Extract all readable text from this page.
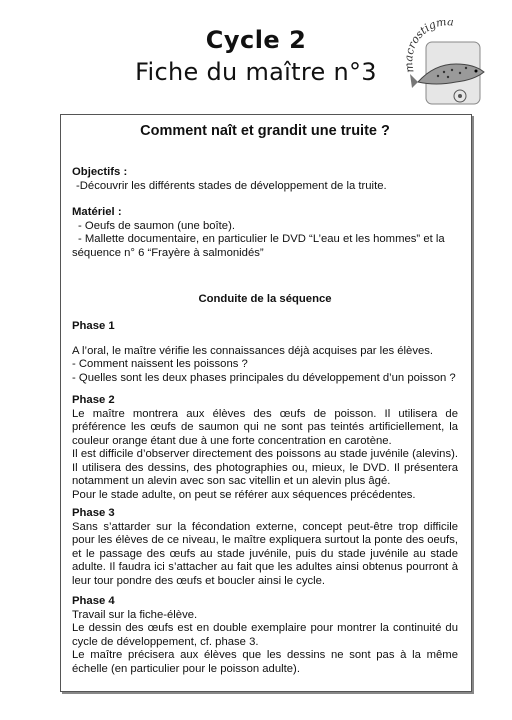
Cycle 2
Fiche du maître n°3
crostigma
Comment naît et grandit une truite ?

Objectifs :

-Découvrir les différents stades de développement de la truite.

Matériel :

- Oeufs de saumon (une boîte).

- Mallette documentaire, en particulier le DVD “L’eau et les hommes” et la

séquence n° 6 “Frayère à salmonidés”

Conduite de la séquence

Phase 1

A l’oral, le maître vérifie les connaissances déjà acquises par les élèves.

- Comment naissent les poissons ?

- Quelles sont les deux phases principales du développement d’un poisson ?

Phase 2

Le maître montrera aux élèves des œufs de poisson. Il utilisera de préférence les œufs de saumon qui ne sont pas teintés artificiellement, la couleur orange étant due à une forte concentration en carotène.

Il est difficile d’observer directement des poissons au stade juvénile (alevins). Il utilisera des dessins, des photographies ou, mieux, le DVD. Il présentera notamment un alevin avec son sac vitellin et un alevin plus âgé.

Pour le stade adulte, on peut se référer aux séquences précédentes.

Phase 3

Sans s’attarder sur la fécondation externe, concept peut-être trop difficile pour les élèves de ce niveau, le maître expliquera surtout la ponte des oeufs, et le passage des œufs au stade juvénile, puis du stade juvénile au stade adulte. Il faudra ici s’attacher au fait que les adultes ainsi obtenus pourront à leur tour pondre des œufs et boucler ainsi le cycle.

Phase 4

Travail sur la fiche-élève.

Le dessin des œufs est en double exemplaire pour montrer la continuité du cycle de développement, cf. phase 3.

Le maître précisera aux élèves que les dessins ne sont pas à la même échelle (en particulier pour le poisson adulte).
